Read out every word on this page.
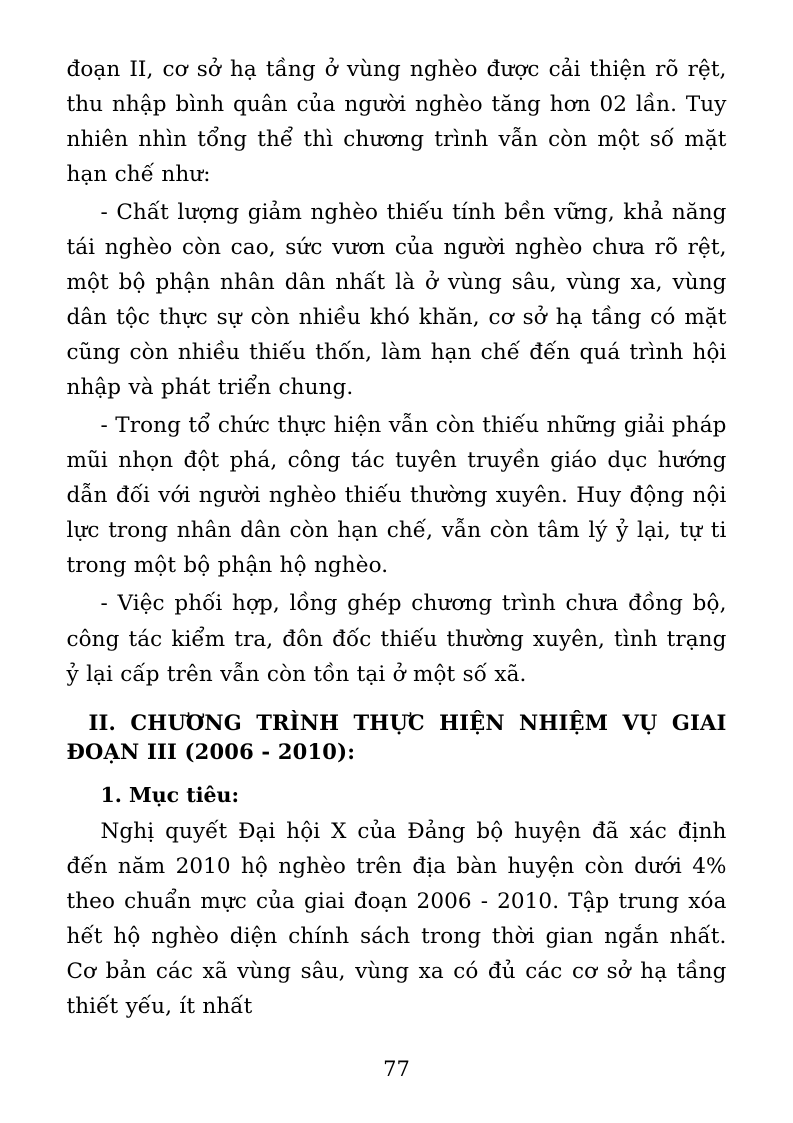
đoạn II, cơ sở hạ tầng ở vùng nghèo được cải thiện rõ rệt, thu nhập bình quân của người nghèo tăng hơn 02 lần. Tuy nhiên nhìn tổng thể thì chương trình vẫn còn một số mặt hạn chế như:

- Chất lượng giảm nghèo thiếu tính bền vững, khả năng tái nghèo còn cao, sức vươn của người nghèo chưa rõ rệt, một bộ phận nhân dân nhất là ở vùng sâu, vùng xa, vùng dân tộc thực sự còn nhiều khó khăn, cơ sở hạ tầng có mặt cũng còn nhiều thiếu thốn, làm hạn chế đến quá trình hội nhập và phát triển chung.

- Trong tổ chức thực hiện vẫn còn thiếu những giải pháp mũi nhọn đột phá, công tác tuyên truyền giáo dục hướng dẫn đối với người nghèo thiếu thường xuyên. Huy động nội lực trong nhân dân còn hạn chế, vẫn còn tâm lý ỷ lại, tự ti trong một bộ phận hộ nghèo.

- Việc phối hợp, lồng ghép chương trình chưa đồng bộ, công tác kiểm tra, đôn đốc thiếu thường xuyên, tình trạng ỷ lại cấp trên vẫn còn tồn tại ở một số xã.

II. CHƯƠNG TRÌNH THỰC HIỆN NHIỆM VỤ GIAI ĐOẠN III (2006 - 2010):
1. Mục tiêu:

Nghị quyết Đại hội X của Đảng bộ huyện đã xác định đến năm 2010 hộ nghèo trên địa bàn huyện còn dưới 4% theo chuẩn mực của giai đoạn 2006 - 2010. Tập trung xóa hết hộ nghèo diện chính sách trong thời gian ngắn nhất. Cơ bản các xã vùng sâu, vùng xa có đủ các cơ sở hạ tầng thiết yếu, ít nhất

77
